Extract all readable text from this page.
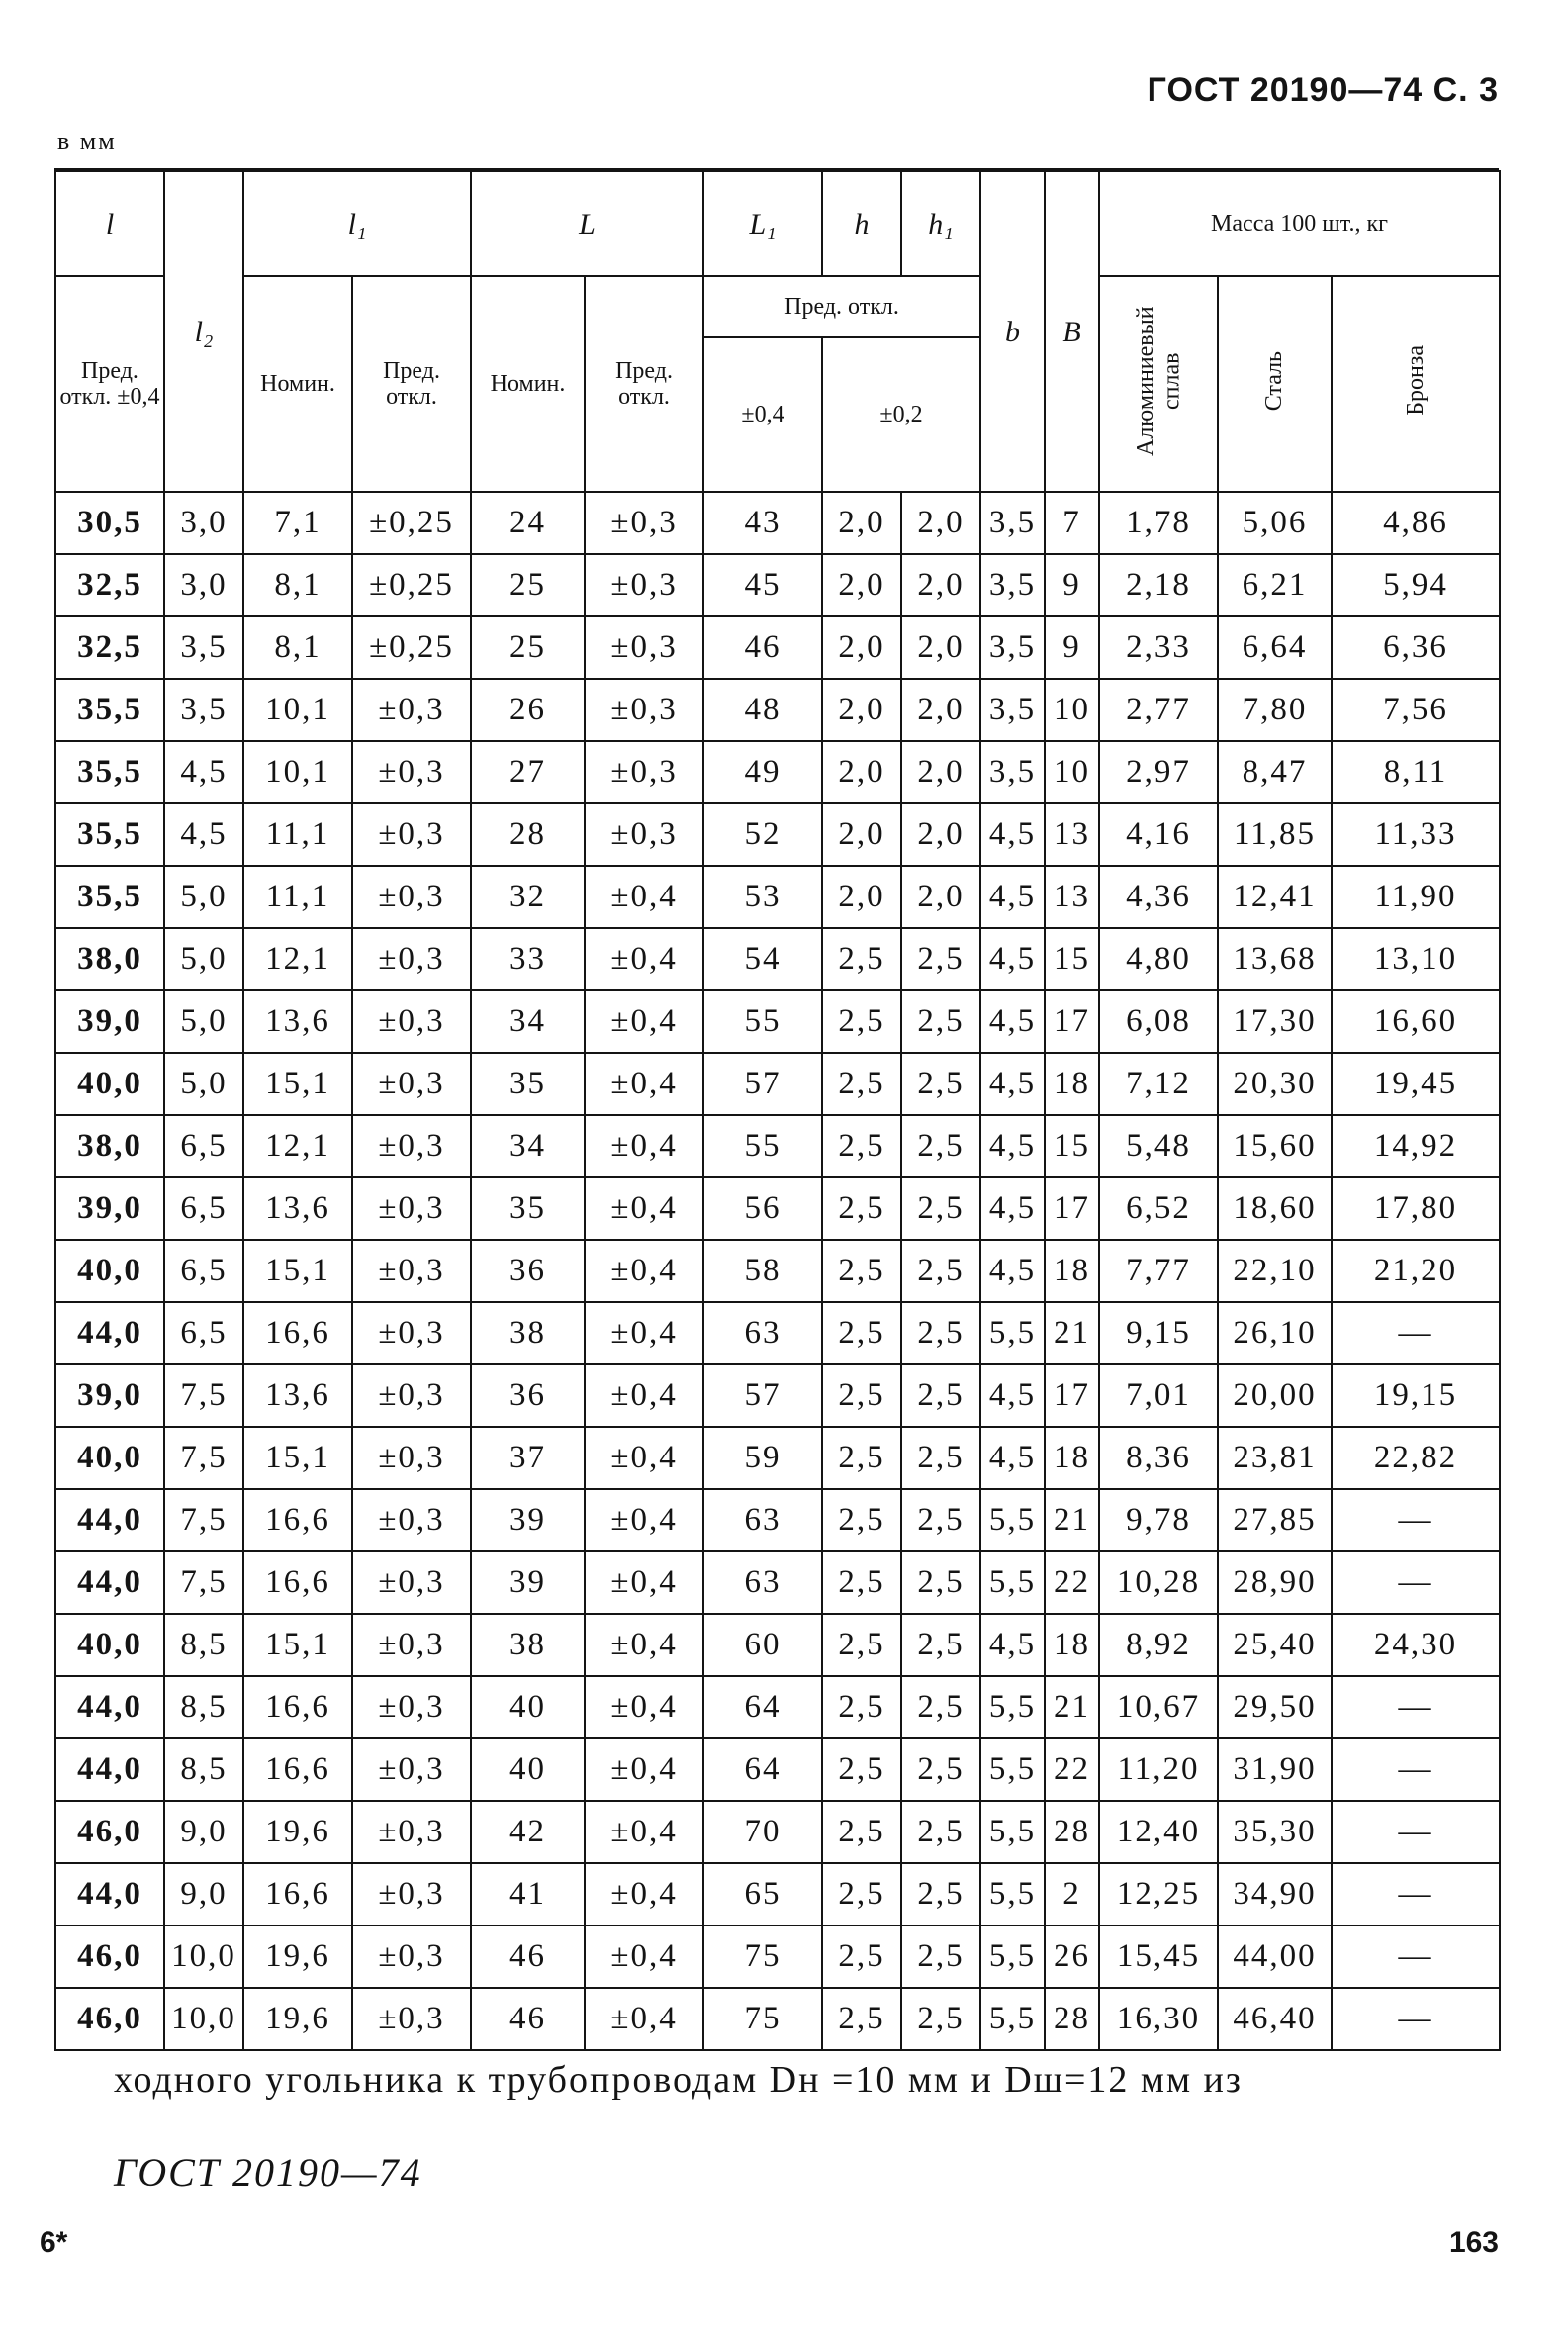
ГОСТ 20190—74 С. 3
в мм
l	l₂	l₁		L		L₁	h	h₁	b	B	Масса 100 шт., кг		
Пред. откл. ±0,4		Номин.	Пред. откл.	Номин.	Пред. откл.	Пред. откл.					Алюминиевый сплав	Сталь	Бронза
						±0,4	±0,2						
30,5	3,0	7,1	±0,25	24	±0,3	43	2,0	2,0	3,5	7	1,78	5,06	4,86
32,5	3,0	8,1	±0,25	25	±0,3	45	2,0	2,0	3,5	9	2,18	6,21	5,94
32,5	3,5	8,1	±0,25	25	±0,3	46	2,0	2,0	3,5	9	2,33	6,64	6,36
35,5	3,5	10,1	±0,3	26	±0,3	48	2,0	2,0	3,5	10	2,77	7,80	7,56
35,5	4,5	10,1	±0,3	27	±0,3	49	2,0	2,0	3,5	10	2,97	8,47	8,11
35,5	4,5	11,1	±0,3	28	±0,3	52	2,0	2,0	4,5	13	4,16	11,85	11,33
35,5	5,0	11,1	±0,3	32	±0,4	53	2,0	2,0	4,5	13	4,36	12,41	11,90
38,0	5,0	12,1	±0,3	33	±0,4	54	2,5	2,5	4,5	15	4,80	13,68	13,10
39,0	5,0	13,6	±0,3	34	±0,4	55	2,5	2,5	4,5	17	6,08	17,30	16,60
40,0	5,0	15,1	±0,3	35	±0,4	57	2,5	2,5	4,5	18	7,12	20,30	19,45
38,0	6,5	12,1	±0,3	34	±0,4	55	2,5	2,5	4,5	15	5,48	15,60	14,92
39,0	6,5	13,6	±0,3	35	±0,4	56	2,5	2,5	4,5	17	6,52	18,60	17,80
40,0	6,5	15,1	±0,3	36	±0,4	58	2,5	2,5	4,5	18	7,77	22,10	21,20
44,0	6,5	16,6	±0,3	38	±0,4	63	2,5	2,5	5,5	21	9,15	26,10	—
39,0	7,5	13,6	±0,3	36	±0,4	57	2,5	2,5	4,5	17	7,01	20,00	19,15
40,0	7,5	15,1	±0,3	37	±0,4	59	2,5	2,5	4,5	18	8,36	23,81	22,82
44,0	7,5	16,6	±0,3	39	±0,4	63	2,5	2,5	5,5	21	9,78	27,85	—
44,0	7,5	16,6	±0,3	39	±0,4	63	2,5	2,5	5,5	22	10,28	28,90	—
40,0	8,5	15,1	±0,3	38	±0,4	60	2,5	2,5	4,5	18	8,92	25,40	24,30
44,0	8,5	16,6	±0,3	40	±0,4	64	2,5	2,5	5,5	21	10,67	29,50	—
44,0	8,5	16,6	±0,3	40	±0,4	64	2,5	2,5	5,5	22	11,20	31,90	—
46,0	9,0	19,6	±0,3	42	±0,4	70	2,5	2,5	5,5	28	12,40	35,30	—
44,0	9,0	16,6	±0,3	41	±0,4	65	2,5	2,5	5,5	2	12,25	34,90	—
46,0	10,0	19,6	±0,3	46	±0,4	75	2,5	2,5	5,5	26	15,45	44,00	—
46,0	10,0	19,6	±0,3	46	±0,4	75	2,5	2,5	5,5	28	16,30	46,40	—
ходного угольника к трубопроводам Dн =10 мм и Dш=12 мм из
ГОСТ 20190—74
6*	163
